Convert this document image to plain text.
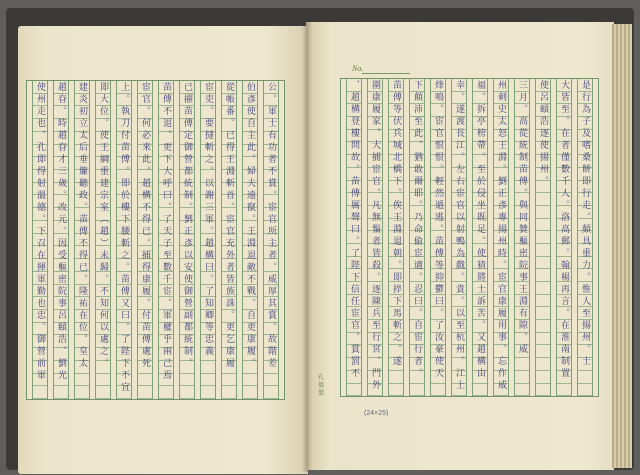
公。軍士有功者不賞。宦官所主者。威厚其賞。故階差
伯彥使自主此。婦夫遠竄。王淵退敵不戰。自更康履。
從帳番。已得王淵斬首。宦官充外者皆族誅。更乞康履
宦吏。要撻斬之。以謝三軍。趙構曰。了知卿等忠義
已擢苗傅定御營都統制。劉正彥以安使御營副都統制。
苗傅不退。更下大呼曰。了天子至數千宦。軍權乎兩己焉
宦官。何必來此。趙構不得已。捕得康履。付苗傅處死
上。執刀付苗傅。即於樓下腰斬之。苗傅又曰。了陛下不宜
即大位。使王綱重建宗室（趙）未歸。不知何以處之。
建炎初立太后垂簾聽政。苗傅不得已。隆祐在位。皇太
趙昚。時趙昚才三歲。改元。因受樞密院事呂頤浩。劉光
使州走也。孔即得射溫德。下召在揮軍勤也忠。御營前軍	是行為子及嗜桑餅即行走。頗具重力。惟人至揚州。士
大皆至。在者僅數千人。洛高郵。翰楊再言。在淮南制置
使呂頤浩逐使揚州。
三月。高從統制苗傅。與同贊樞密院事王淵有隙。威
州刺史太怒王淵。劉正彥專揚州時。宦官康履用事。忘作威
福。拆亭榜帶。至於侵坐既足。使猜將士訴苦。又趙構由
幸。遂渡長江。左右宦官以射鴨為戲。貴。以至杭州。江上
烽鳴。宦官恨恨。輕然遁逃。苗傅等抑鬱曰。了汝豪使天
下顛沛至此。猶敢爾耶。乃命偷宦適。忍曰。自宦行者。
苗傅等伏兵城北橋下。俟王淵退朝。即捽下馬斬之。遂
圍康履家。大捕宦官。凡無鬚者皆殺。逐陳兵至行宮。門外
、趙構登樓問故。苗傅厲聲曰。了陛下信任宦官。賞罰不
No.
(24×25)
孔德製
